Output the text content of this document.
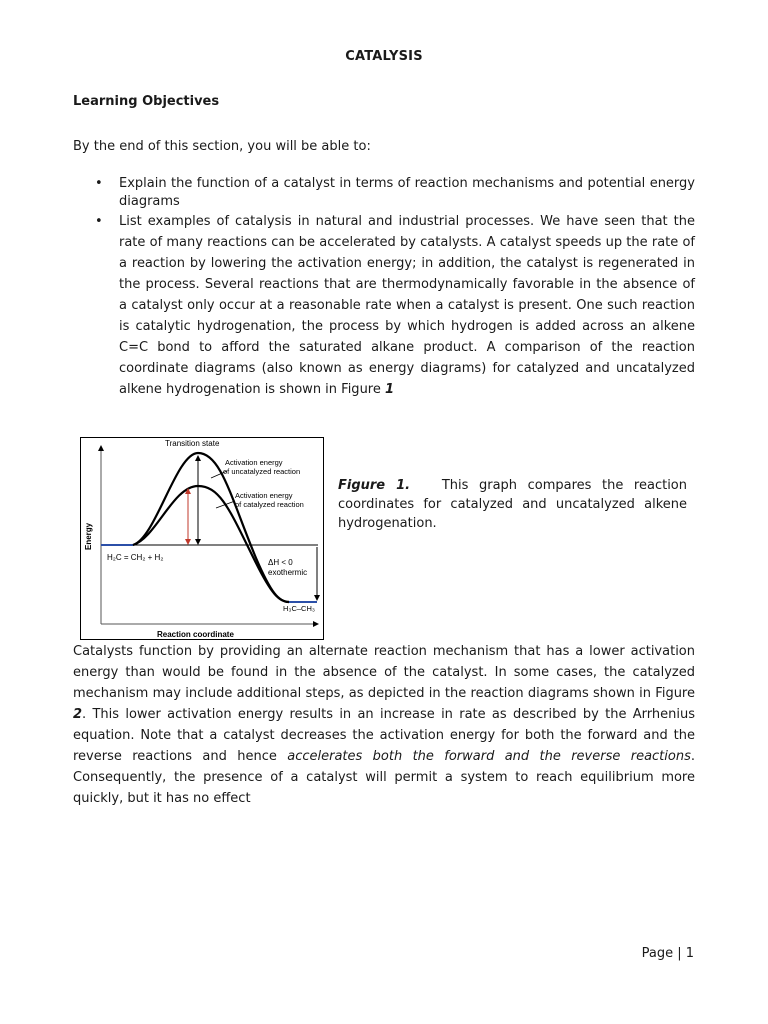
CATALYSIS
Learning Objectives
By the end of this section, you will be able to:
• Explain the function of a catalyst in terms of reaction mechanisms and potential energy diagrams
• List examples of catalysis in natural and industrial processes. We have seen that the rate of many reactions can be accelerated by catalysts. A catalyst speeds up the rate of a reaction by lowering the activation energy; in addition, the catalyst is regenerated in the process. Several reactions that are thermodynamically favorable in the absence of a catalyst only occur at a reasonable rate when a catalyst is present. One such reaction is catalytic hydrogenation, the process by which hydrogen is added across an alkene C=C bond to afford the saturated alkane product. A comparison of the reaction coordinate diagrams (also known as energy diagrams) for catalyzed and uncatalyzed alkene hydrogenation is shown in Figure 1
Transition state
Activation energy
of uncatalyzed reaction
Activation energy
of catalyzed reaction
Energy
Reaction coordinate
H₂C = CH₂ + H₂
ΔH < 0
exothermic
H₃C–CH₃
Figure 1. This graph compares the reaction coordinates for catalyzed and uncatalyzed alkene hydrogenation.

Catalysts function by providing an alternate reaction mechanism that has a lower activation energy than would be found in the absence of the catalyst. In some cases, the catalyzed mechanism may include additional steps, as depicted in the reaction diagrams shown in Figure 2. This lower activation energy results in an increase in rate as described by the Arrhenius equation. Note that a catalyst decreases the activation energy for both the forward and the reverse reactions and hence accelerates both the forward and the reverse reactions. Consequently, the presence of a catalyst will permit a system to reach equilibrium more quickly, but it has no effect

Page | 1
